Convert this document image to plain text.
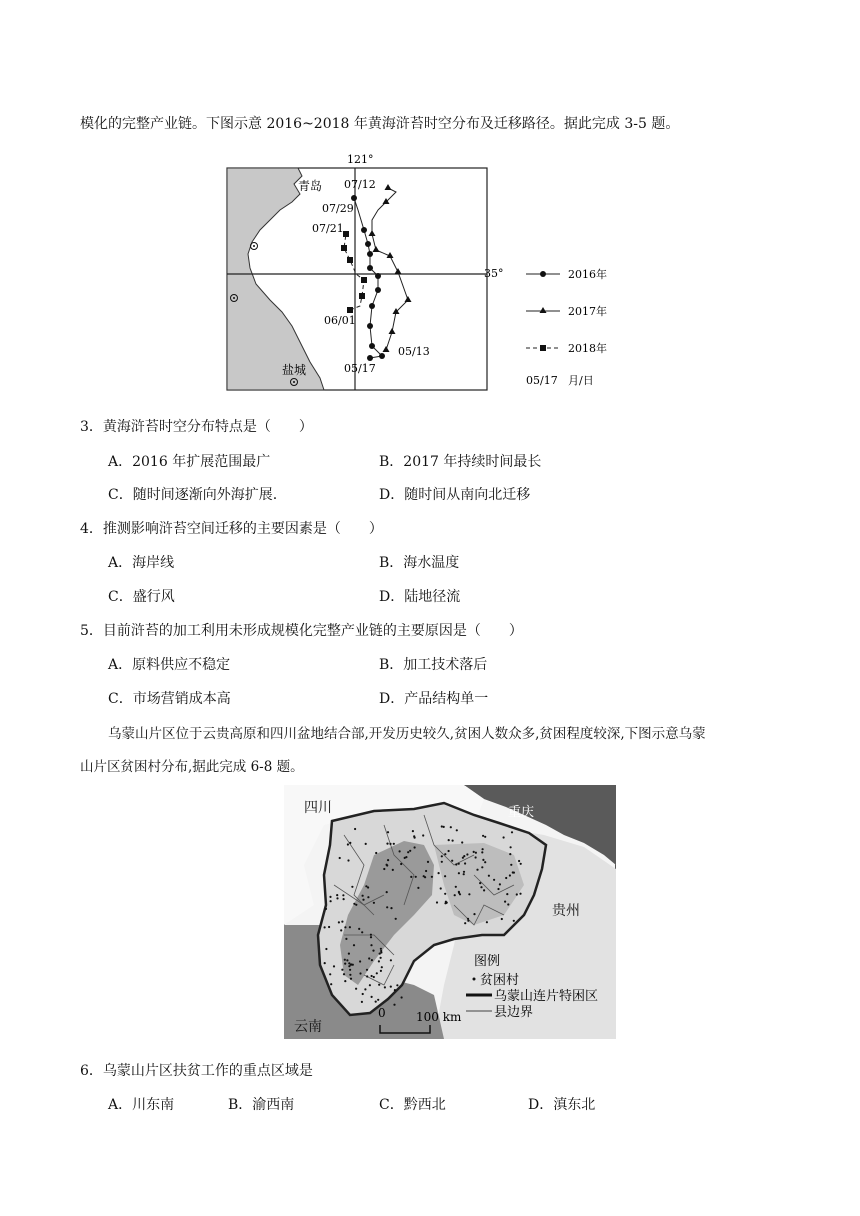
模化的完整产业链。下图示意 2016~2018 年黄海浒苔时空分布及迁移路径。据此完成 3-5 题。
121°
35°
青岛
盐城
07/12
07/29
07/21
06/01
05/13
05/17
2016年
2017年
2018年
05/17 月/日
3．黄海浒苔时空分布特点是（　　）
A．2016 年扩展范围最广	B．2017 年持续时间最长
C．随时间逐渐向外海扩展.	D．随时间从南向北迁移
4．推测影响浒苔空间迁移的主要因素是（　　）
A．海岸线	B．海水温度
C．盛行风	D．陆地径流
5．目前浒苔的加工利用未形成规模化完整产业链的主要原因是（　　）
A．原料供应不稳定	B．加工技术落后
C．市场营销成本高	D．产品结构单一
乌蒙山片区位于云贵高原和四川盆地结合部,开发历史较久,贫困人数众多,贫困程度较深,下图示意乌蒙
山片区贫困村分布,据此完成 6-8 题。
四川	重庆
贵州
云南
图例
贫困村
乌蒙山连片特困区
县边界
0	100 km
6．乌蒙山片区扶贫工作的重点区域是
A．川东南	B．渝西南	C．黔西北	D．滇东北
